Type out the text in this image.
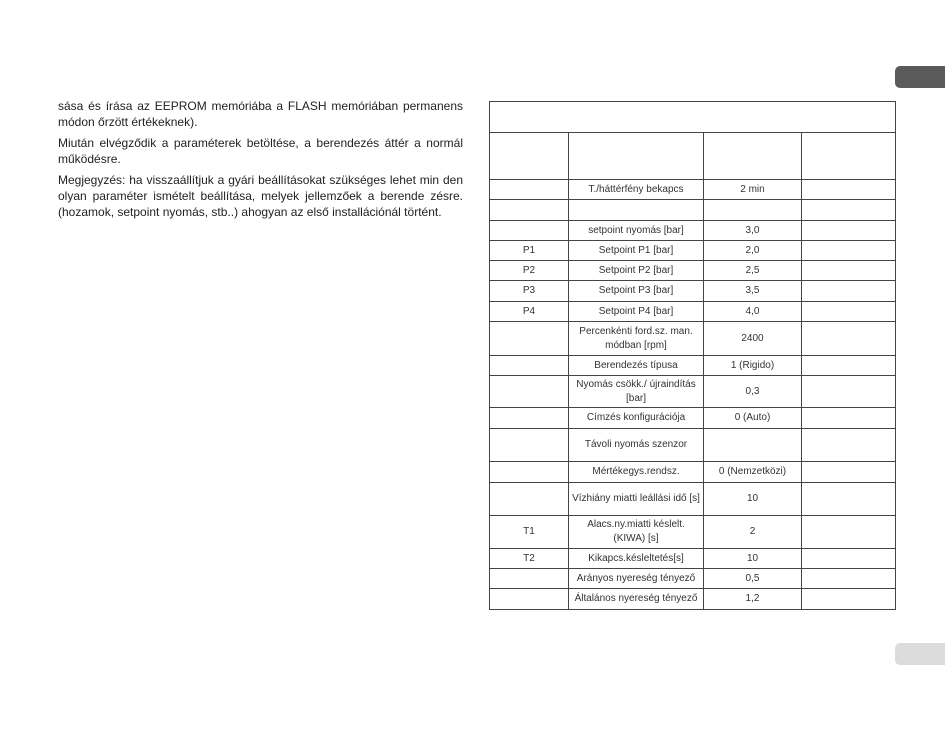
sása és írása az EEPROM memóriába a FLASH memóriában permanens módon őrzött értékeknek).

Miután elvégződik a paraméterek betöltése, a berendezés áttér a normál működésre.

Megjegyzés: ha visszaállítjuk a gyári beállításokat szükséges lehet min den olyan paraméter ismételt beállítása, melyek jellemzőek a berende zésre. (hozamok, setpoint nyomás, stb..) ahogyan az első installációnál történt.

	T./háttérfény bekapcs	2 min	

	setpoint nyomás [bar]	3,0	
P1	Setpoint P1 [bar]	2,0	
P2	Setpoint P2 [bar]	2,5	
P3	Setpoint P3 [bar]	3,5	
P4	Setpoint P4 [bar]	4,0	
	Percenkénti ford.sz. man. módban [rpm]	2400	
	Berendezés típusa	1 (Rigido)	
	Nyomás csökk./ újraindítás [bar]	0,3	
	Címzés konfigurációja	0 (Auto)	
	Távoli nyomás szenzor		
	Mértékegys.rendsz.	0 (Nemzetközi)	
	Vízhiány miatti leállási idő [s]	10	
T1	Alacs.ny.miatti késlelt. (KIWA) [s]	2	
T2	Kikapcs.késleltetés[s]	10	
	Arányos nyereség tényező	0,5	
	Általános nyereség tényező	1,2	
